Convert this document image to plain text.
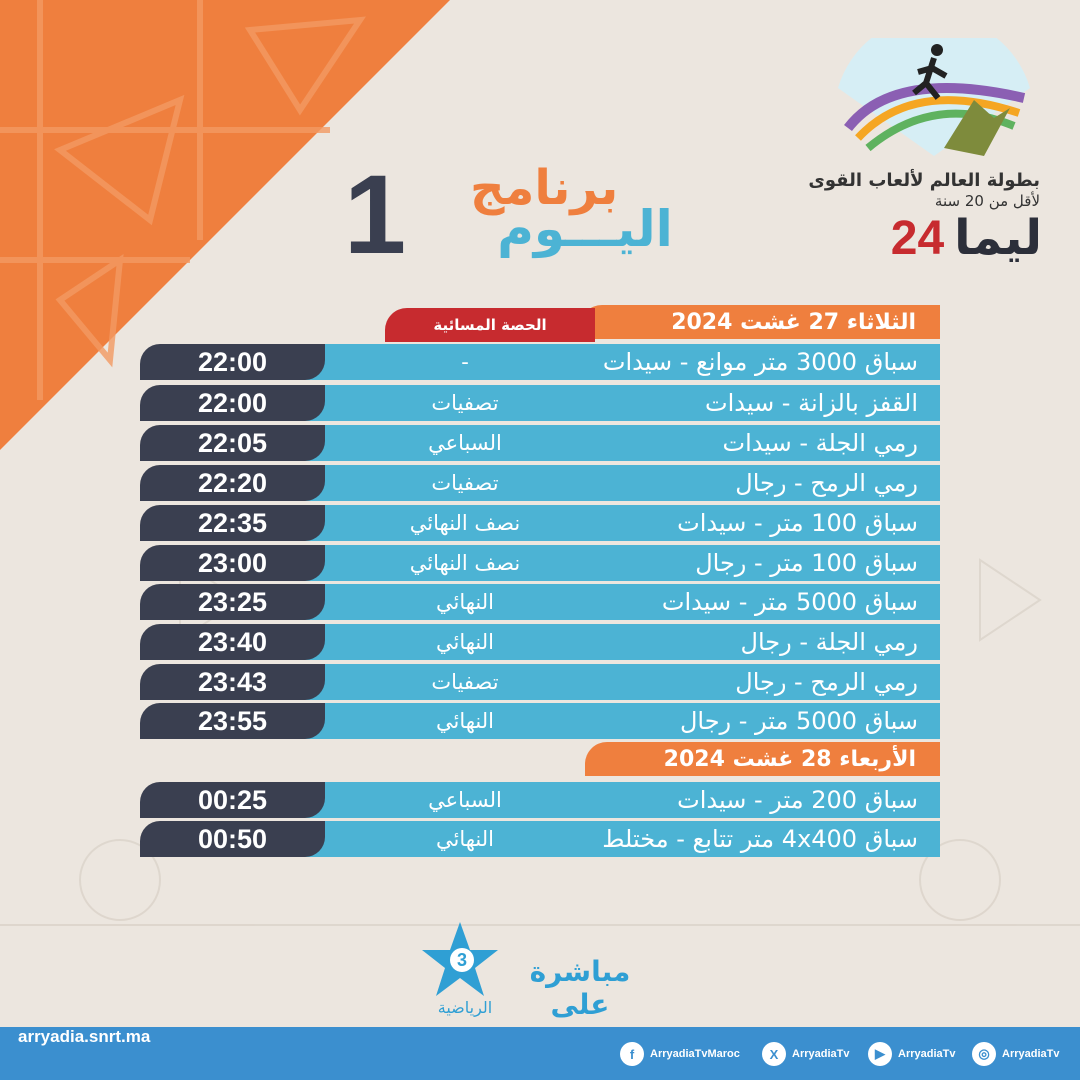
برنامج
اليـــوم
1	بطولة العالم لألعاب القوى
لأقل من 20 سنة
24 ليما
الثلاثاء 27 غشت 2024
الحصة المسائية
22:00	-	سباق 3000 متر موانع - سيدات
22:00	تصفيات	القفز بالزانة - سيدات
22:05	السباعي	رمي الجلة - سيدات
22:20	تصفيات	رمي الرمح - رجال
22:35	نصف النهائي	سباق 100 متر - سيدات
23:00	نصف النهائي	سباق 100 متر - رجال
23:25	النهائي	سباق 5000 متر - سيدات
23:40	النهائي	رمي الجلة - رجال
23:43	تصفيات	رمي الرمح - رجال
23:55	النهائي	سباق 5000 متر - رجال
الأربعاء 28 غشت 2024
00:25	السباعي	سباق 200 متر - سيدات
00:50	النهائي	سباق 4x400 متر تتابع - مختلط
3	مباشرة على
الرياضية
arryadia.snrt.ma
f	ArryadiaTvMaroc	X	ArryadiaTv	▶	ArryadiaTv	◎	ArryadiaTv
